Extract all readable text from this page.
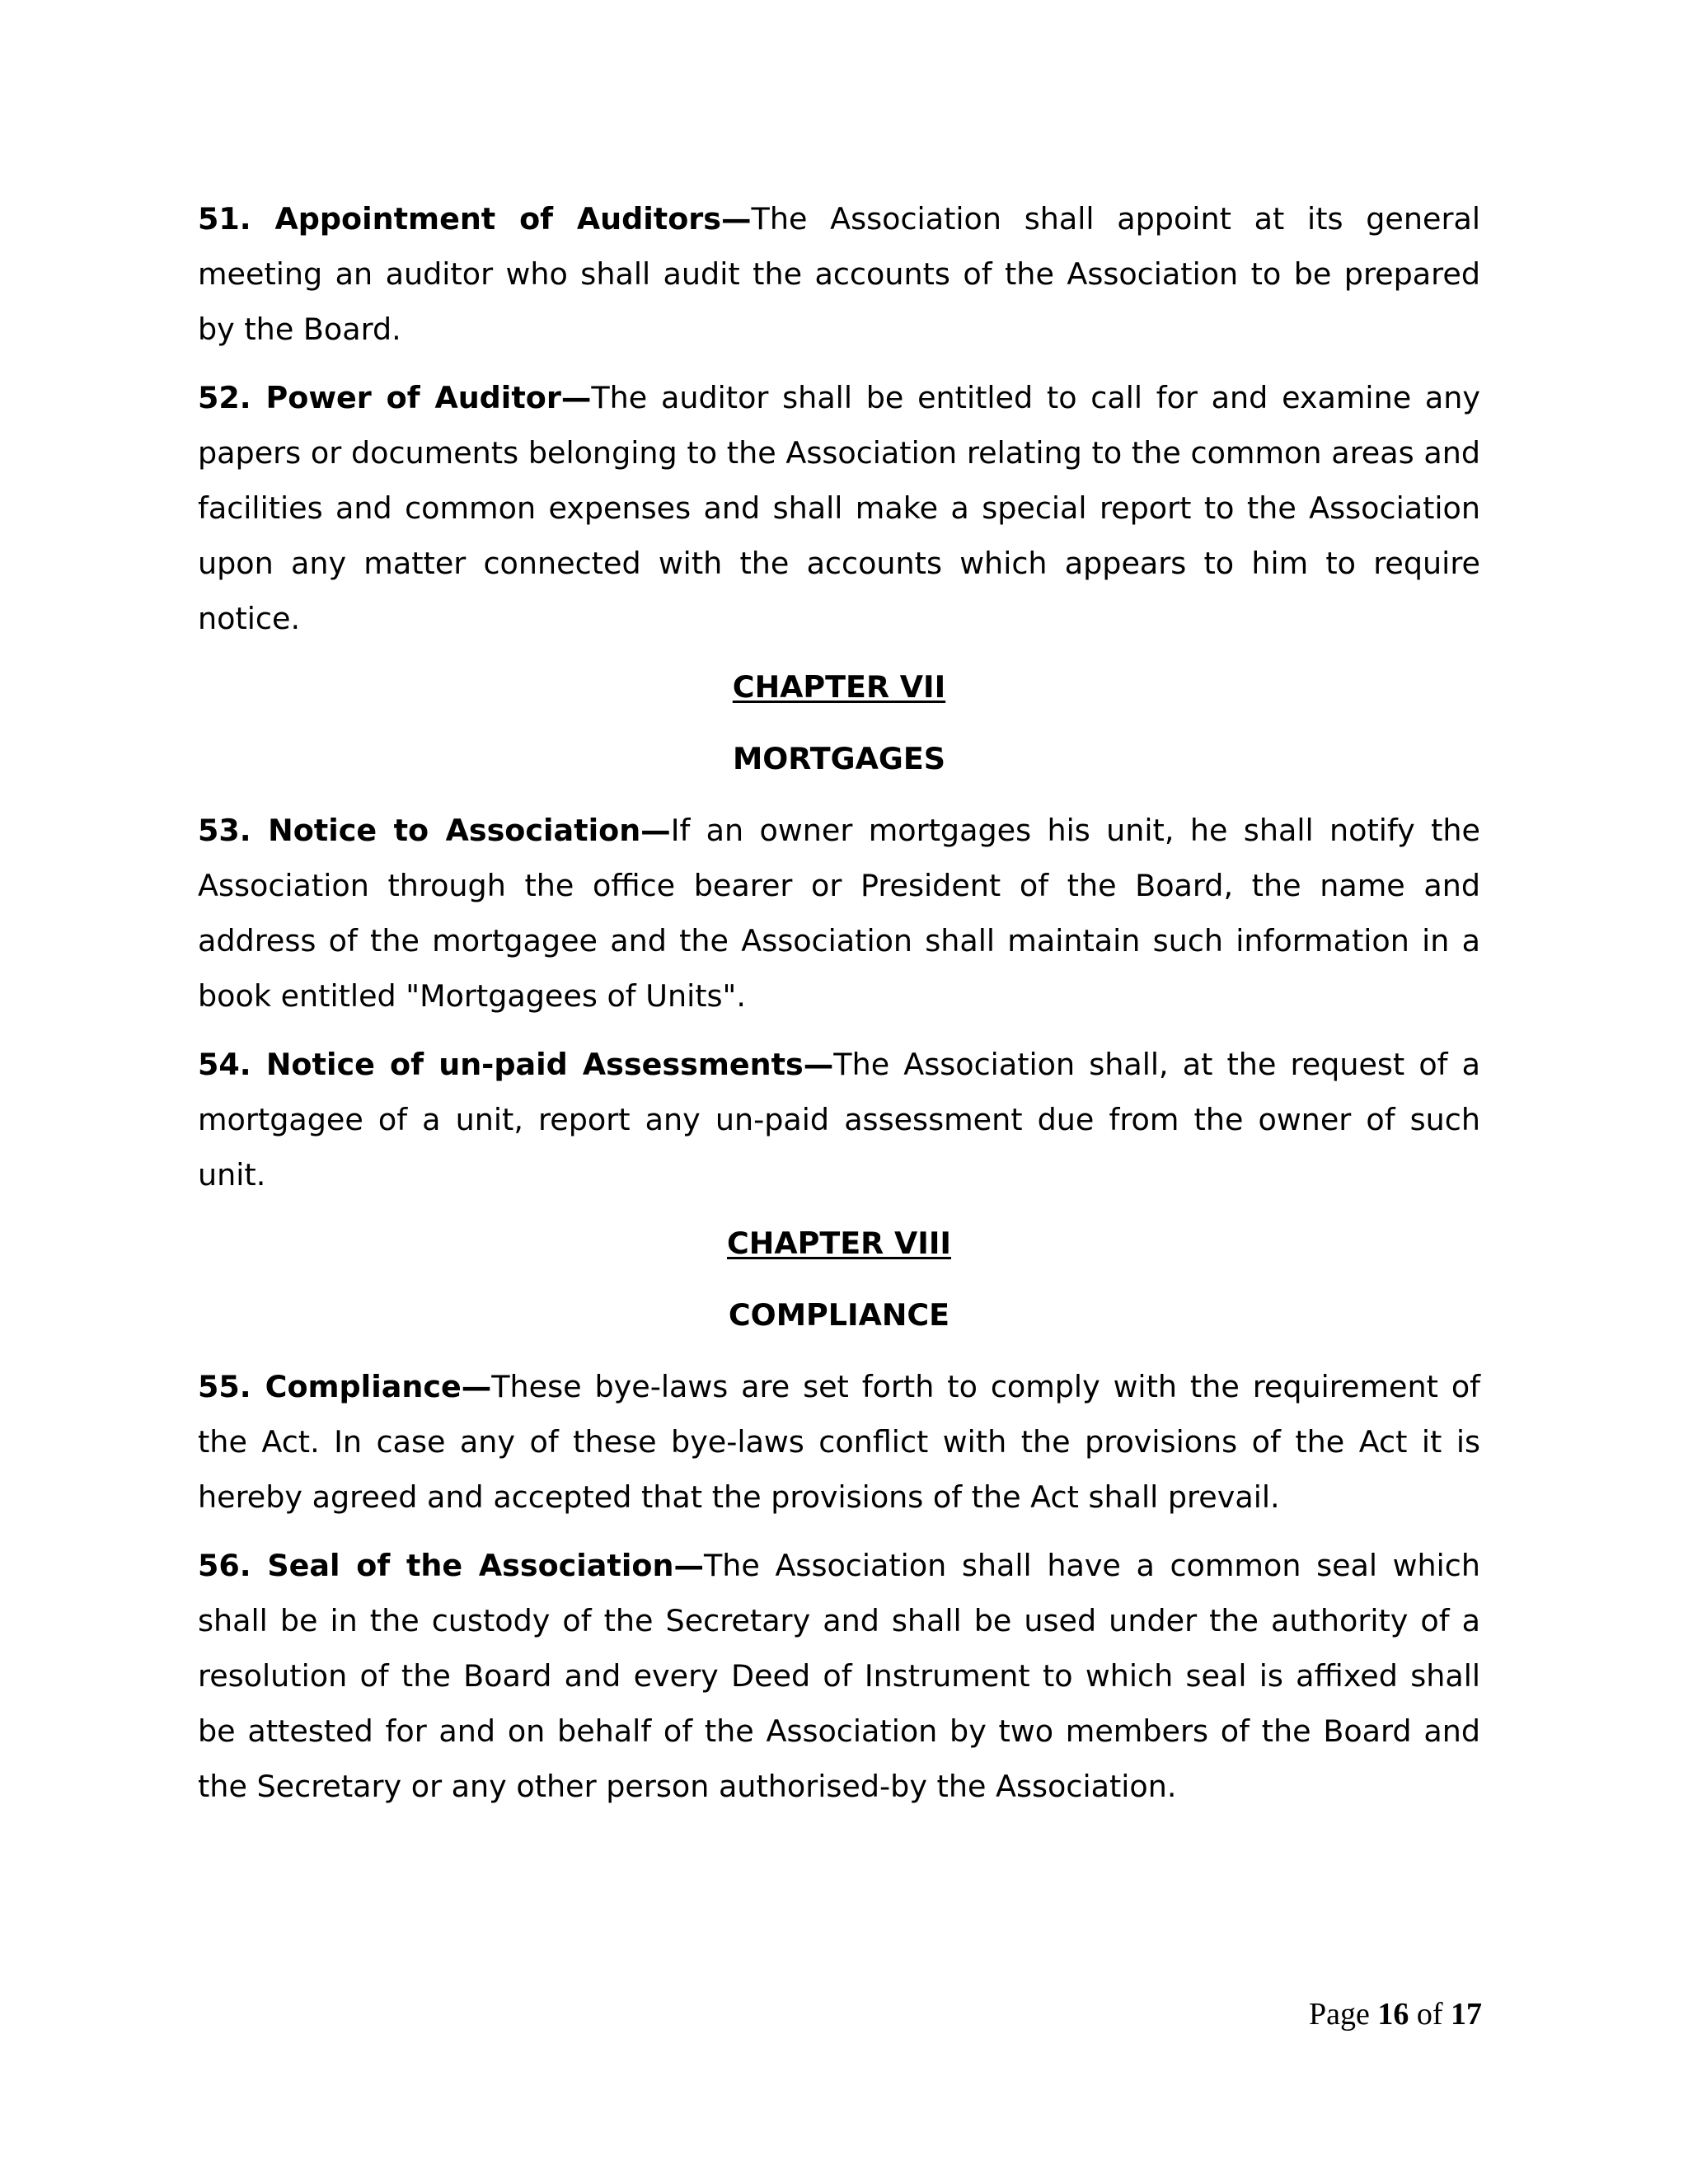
51. Appointment of Auditors—The Association shall appoint at its general meeting an auditor who shall audit the accounts of the Association to be prepared by the Board.

52. Power of Auditor—The auditor shall be entitled to call for and examine any papers or documents belonging to the Association relating to the common areas and facilities and common expenses and shall make a special report to the Association upon any matter connected with the accounts which appears to him to require notice.

CHAPTER VII
MORTGAGES

53. Notice to Association—If an owner mortgages his unit, he shall notify the Association through the office bearer or President of the Board, the name and address of the mortgagee and the Association shall maintain such information in a book entitled "Mortgagees of Units".

54. Notice of un-paid Assessments—The Association shall, at the request of a mortgagee of a unit, report any un-paid assessment due from the owner of such unit.

CHAPTER VIII
COMPLIANCE

55. Compliance—These bye-laws are set forth to comply with the requirement of the Act. In case any of these bye-laws conflict with the provisions of the Act it is hereby agreed and accepted that the provisions of the Act shall prevail.

56. Seal of the Association—The Association shall have a common seal which shall be in the custody of the Secretary and shall be used under the authority of a resolution of the Board and every Deed of Instrument to which seal is affixed shall be attested for and on behalf of the Association by two members of the Board and the Secretary or any other person authorised-by the Association.

Page 16 of 17
